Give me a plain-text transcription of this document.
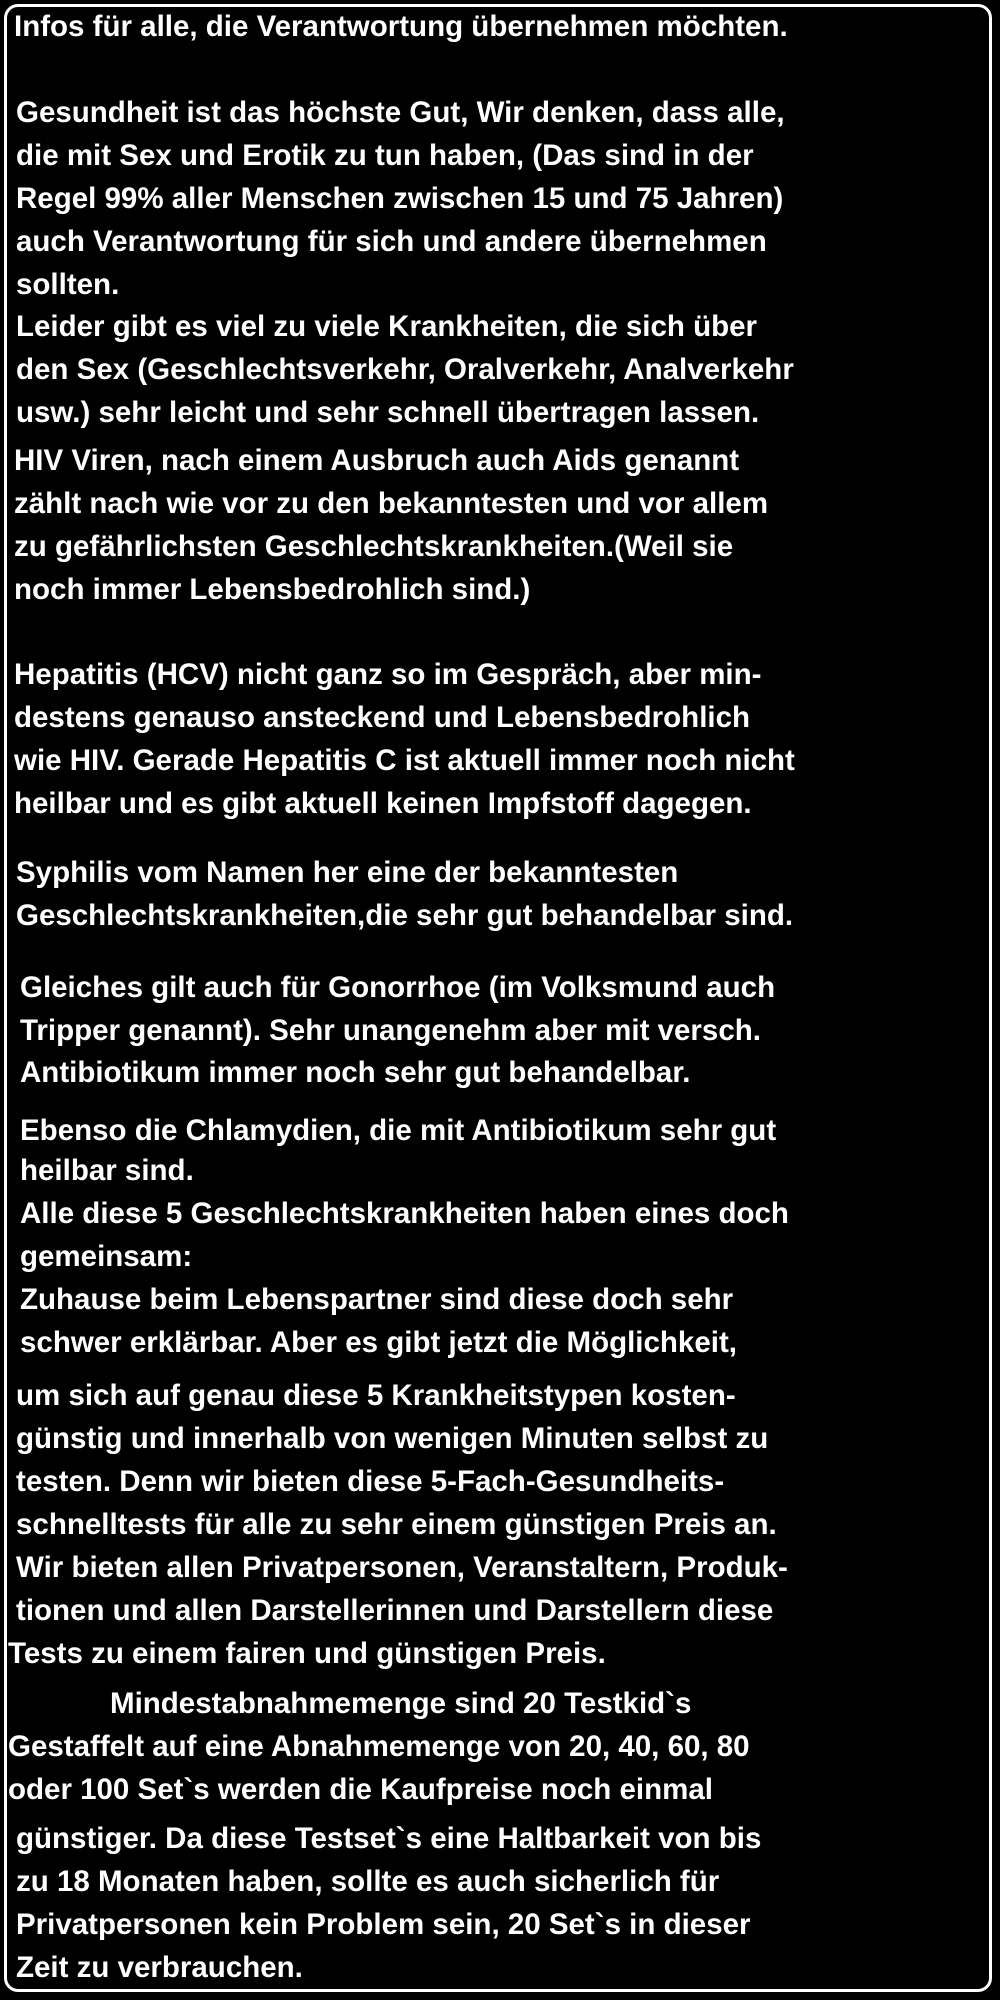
Infos für alle, die Verantwortung übernehmen möchten.
Gesundheit ist das höchste Gut, Wir denken, dass alle,
die mit Sex und Erotik zu tun haben, (Das sind in der
Regel 99% aller Menschen zwischen 15 und 75 Jahren)
auch Verantwortung für sich und andere übernehmen
sollten.
Leider gibt es viel zu viele Krankheiten, die sich über
den Sex (Geschlechtsverkehr, Oralverkehr, Analverkehr
usw.) sehr leicht und sehr schnell übertragen lassen.
HIV Viren, nach einem Ausbruch auch Aids genannt
zählt nach wie vor zu den bekanntesten und vor allem
zu gefährlichsten Geschlechtskrankheiten.(Weil sie
noch immer Lebensbedrohlich sind.)
Hepatitis (HCV) nicht ganz so im Gespräch, aber min-
destens genauso ansteckend und Lebensbedrohlich
wie HIV. Gerade Hepatitis C ist aktuell immer noch nicht
heilbar und es gibt aktuell keinen Impfstoff dagegen.
Syphilis vom Namen her eine der bekanntesten
Geschlechtskrankheiten,die sehr gut behandelbar sind.
Gleiches gilt auch für Gonorrhoe (im Volksmund auch
Tripper genannt). Sehr unangenehm aber mit versch.
Antibiotikum immer noch sehr gut behandelbar.
Ebenso die Chlamydien, die mit Antibiotikum sehr gut
heilbar sind.
Alle diese 5 Geschlechtskrankheiten haben eines doch
gemeinsam:
Zuhause beim Lebenspartner sind diese doch sehr
schwer erklärbar. Aber es gibt jetzt die Möglichkeit,
um sich auf genau diese 5 Krankheitstypen kosten-
günstig und innerhalb von wenigen Minuten selbst zu
testen. Denn wir bieten diese 5-Fach-Gesundheits-
schnelltests für alle zu sehr einem günstigen Preis an.
Wir bieten allen Privatpersonen, Veranstaltern, Produk-
tionen und allen Darstellerinnen und Darstellern diese
Tests zu einem fairen und günstigen Preis.
Mindestabnahmemenge sind 20 Testkid`s
Gestaffelt auf eine Abnahmemenge von 20, 40, 60, 80
oder 100 Set`s werden die Kaufpreise noch einmal
günstiger. Da diese Testset`s eine Haltbarkeit von bis
zu 18 Monaten haben, sollte es auch sicherlich für
Privatpersonen kein Problem sein, 20 Set`s in dieser
Zeit zu verbrauchen.
